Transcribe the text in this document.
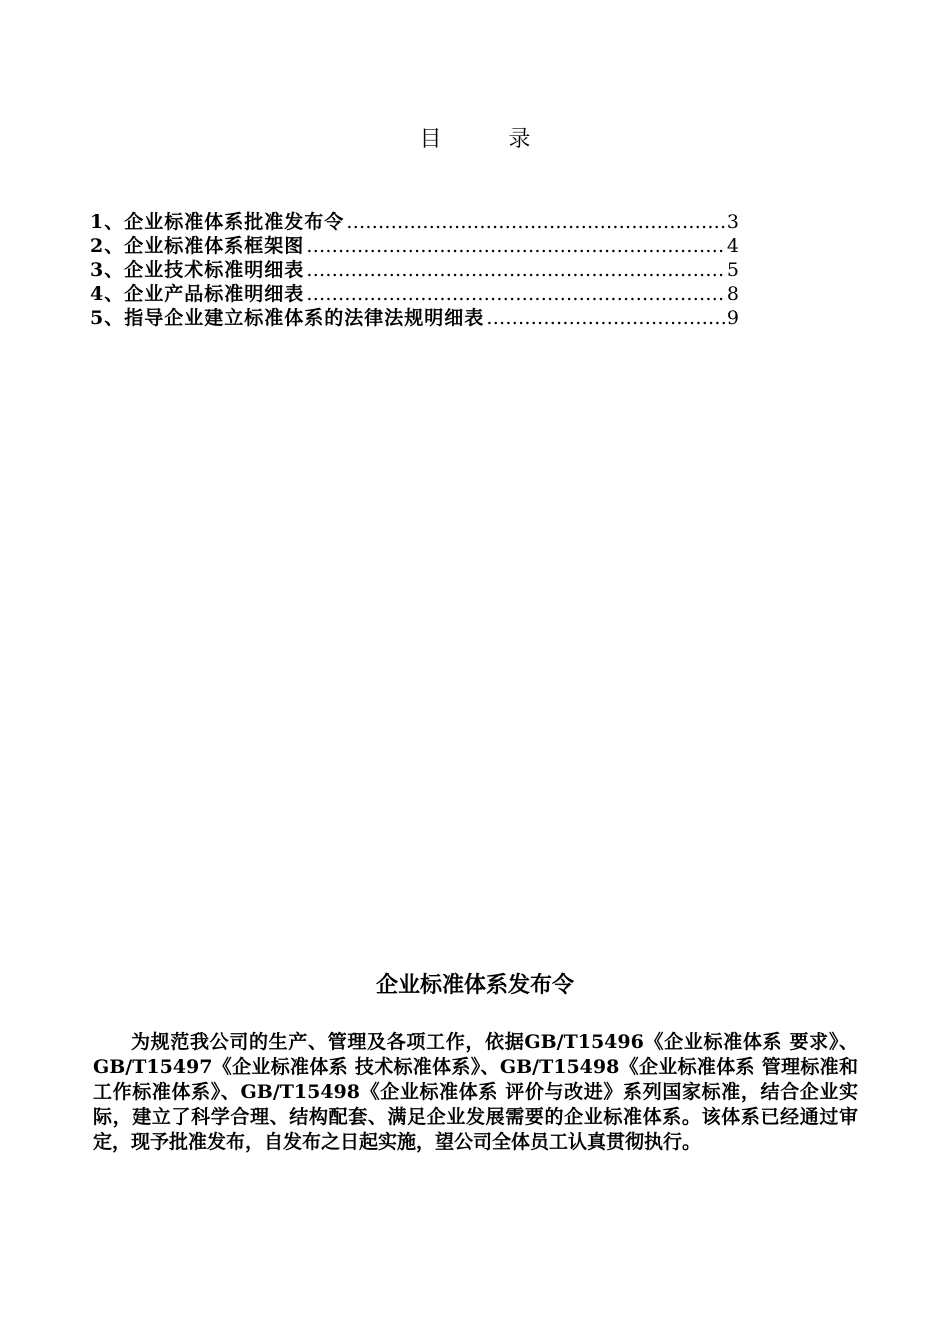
目 录
1、企业标准体系批准发布令 ……………………………………………………………………………………………………………………………………	3
2、企业标准体系框架图 ……………………………………………………………………………………………………………………………………	4
3、企业技术标准明细表 ……………………………………………………………………………………………………………………………………	5
4、企业产品标准明细表 ……………………………………………………………………………………………………………………………………	8
5、指导企业建立标准体系的法律法规明细表 ……………………………………………………………………………………………………………………………………	9
企业标准体系发布令

为规范我公司的生产、管理及各项工作，依据GB/T15496《企业标准体系 要求》、GB/T15497《企业标准体系 技术标准体系》、GB/T15498《企业标准体系 管理标准和工作标准体系》、GB/T15498《企业标准体系 评价与改进》系列国家标准，结合企业实际，建立了科学合理、结构配套、满足企业发展需要的企业标准体系。该体系已经通过审定，现予批准发布，自发布之日起实施，望公司全体员工认真贯彻执行。
